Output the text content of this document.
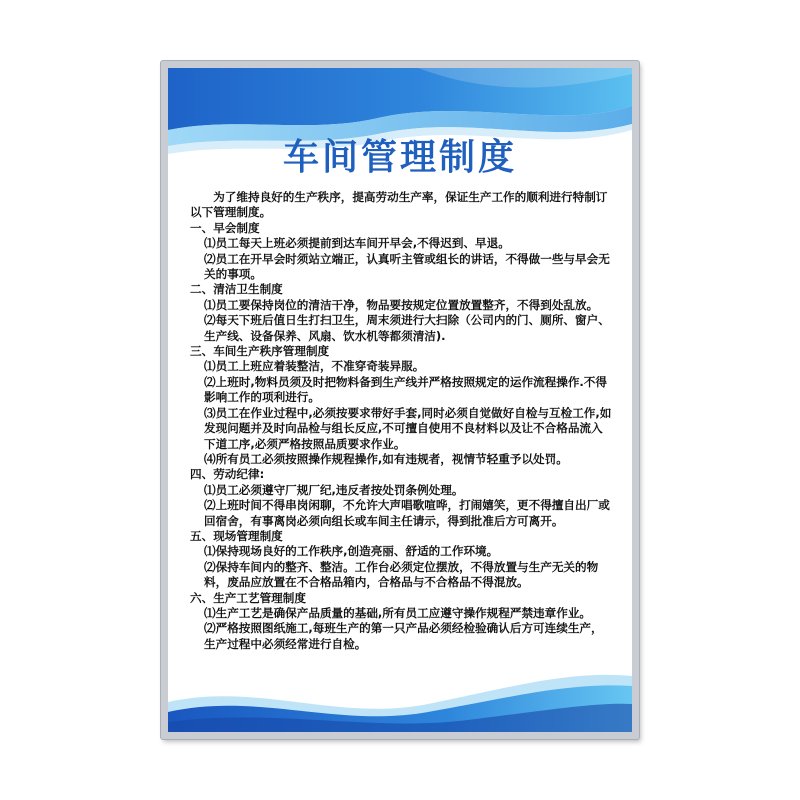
车间管理制度

为了维持良好的生产秩序，提高劳动生产率，保证生产工作的顺利进行特制订以下管理制度。

一、早会制度

⑴员工每天上班必须提前到达车间开早会,不得迟到、早退。

⑵员工在开早会时须站立端正，认真听主管或组长的讲话，不得做一些与早会无关的事项。

二、清洁卫生制度

⑴员工要保持岗位的清洁干净，物品要按规定位置放置整齐，不得到处乱放。

⑵每天下班后值日生打扫卫生，周末须进行大扫除（公司内的门、厕所、窗户、生产线、设备保养、风扇、饮水机等都须清洁).

三、车间生产秩序管理制度

⑴员工上班应着装整洁，不准穿奇装异服。

⑵上班时,物料员须及时把物料备到生产线并严格按照规定的运作流程操作.不得影响工作的项利进行。

⑶员工在作业过程中,必须按要求带好手套,同时必须自觉做好自检与互检工作,如发现问题并及时向品检与组长反应,不可擅自使用不良材料以及让不合格品流入下道工序,必须严格按照品质要求作业。

⑷所有员工必须按照操作规程操作,如有违规者，视情节轻重予以处罚。

四、劳动纪律:

⑴员工必须遵守厂规厂纪,违反者按处罚条例处理。

⑵上班时间不得串岗闲聊，不允许大声唱歌喧哗，打闹嬉笑，更不得擅自出厂或回宿舍，有事离岗必须向组长或车间主任请示，得到批准后方可离开。

五、现场管理制度

⑴保持现场良好的工作秩序,创造亮丽、舒适的工作环境。

⑵保持车间内的整齐、整洁。工作台必须定位摆放，不得放置与生产无关的物料，废品应放置在不合格品箱内，合格品与不合格品不得混放。

六、生产工艺管理制度

⑴生产工艺是确保产品质量的基础,所有员工应遵守操作规程严禁违章作业。

⑵严格按照图纸施工,每班生产的第一只产品必须经检验确认后方可连续生产，生产过程中必须经常进行自检。
